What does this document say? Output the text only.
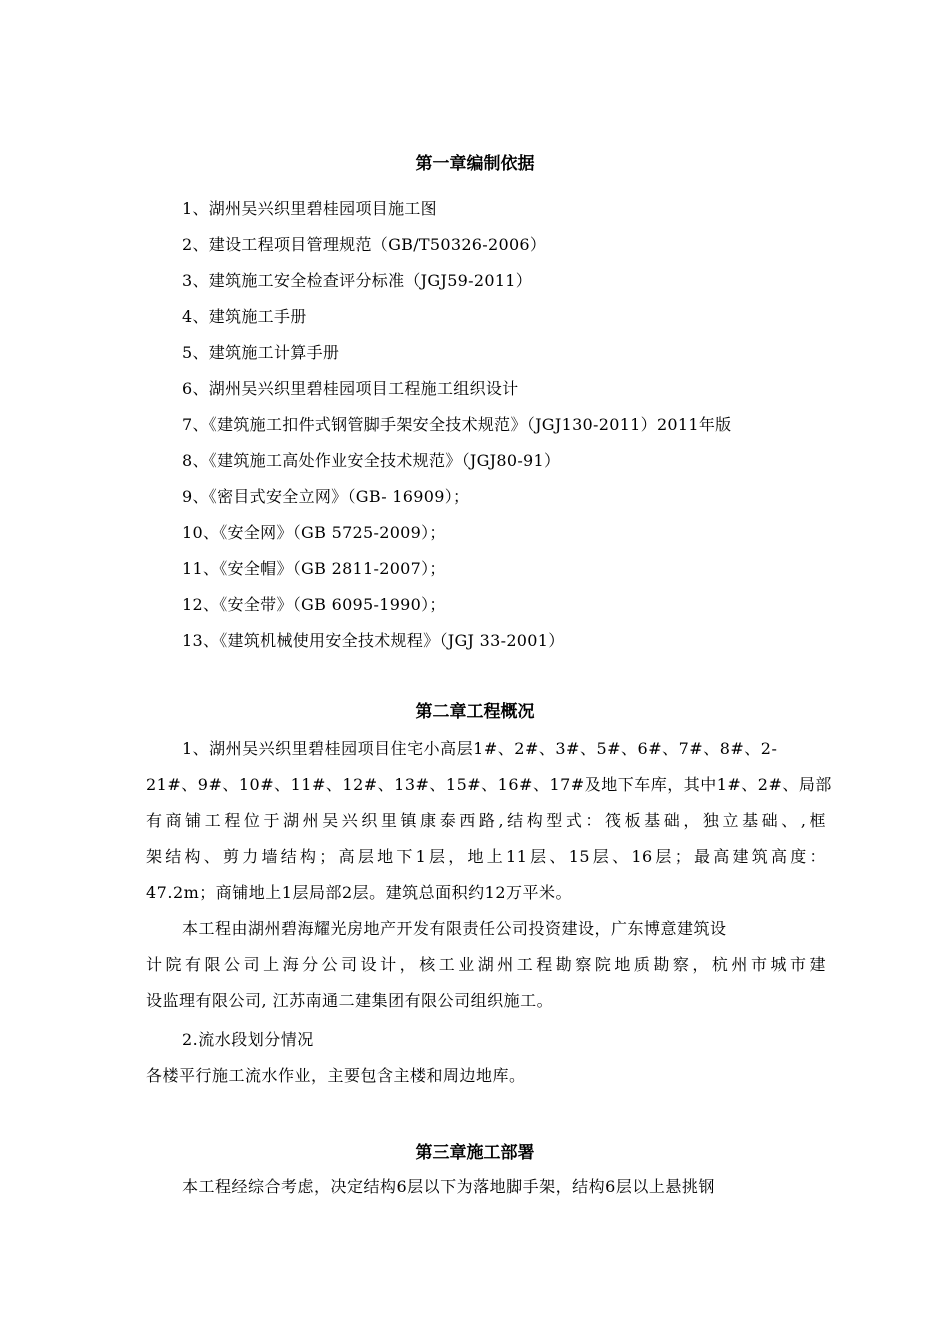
第一章编制依据
1、湖州吴兴织里碧桂园项目施工图
2、建设工程项目管理规范（GB/T50326-2006）
3、建筑施工安全检查评分标准（JGJ59-2011）
4、建筑施工手册
5、建筑施工计算手册
6、湖州吴兴织里碧桂园项目工程施工组织设计
7、《建筑施工扣件式钢管脚手架安全技术规范》（JGJ130-2011）2011年版
8、《建筑施工高处作业安全技术规范》（JGJ80-91）
9、《密目式安全立网》（GB- 16909）；
10、《安全网》（GB 5725-2009）；
11、《安全帽》（GB 2811-2007）；
12、《安全带》（GB 6095-1990）；
13、《建筑机械使用安全技术规程》（JGJ 33-2001）
第二章工程概况
1、湖州吴兴织里碧桂园项目住宅小高层1#、2#、3#、5#、6#、7#、8#、2-
21#、9#、10#、11#、12#、13#、15#、16#、17#及地下车库，其中1#、2#、局部
有商铺工程位于湖州吴兴织里镇康泰西路,结构型式：筏板基础，独立基础、,框
架结构、剪力墙结构；高层地下1层，地上11层、15层、16层；最高建筑高度：
47.2m；商铺地上1层局部2层。建筑总面积约12万平米。
本工程由湖州碧海耀光房地产开发有限责任公司投资建设，广东博意建筑设
计院有限公司上海分公司设计，核工业湖州工程勘察院地质勘察，杭州市城市建
设监理有限公司, 江苏南通二建集团有限公司组织施工。
2.流水段划分情况
各楼平行施工流水作业，主要包含主楼和周边地库。
第三章施工部署
本工程经综合考虑，决定结构6层以下为落地脚手架，结构6层以上悬挑钢
